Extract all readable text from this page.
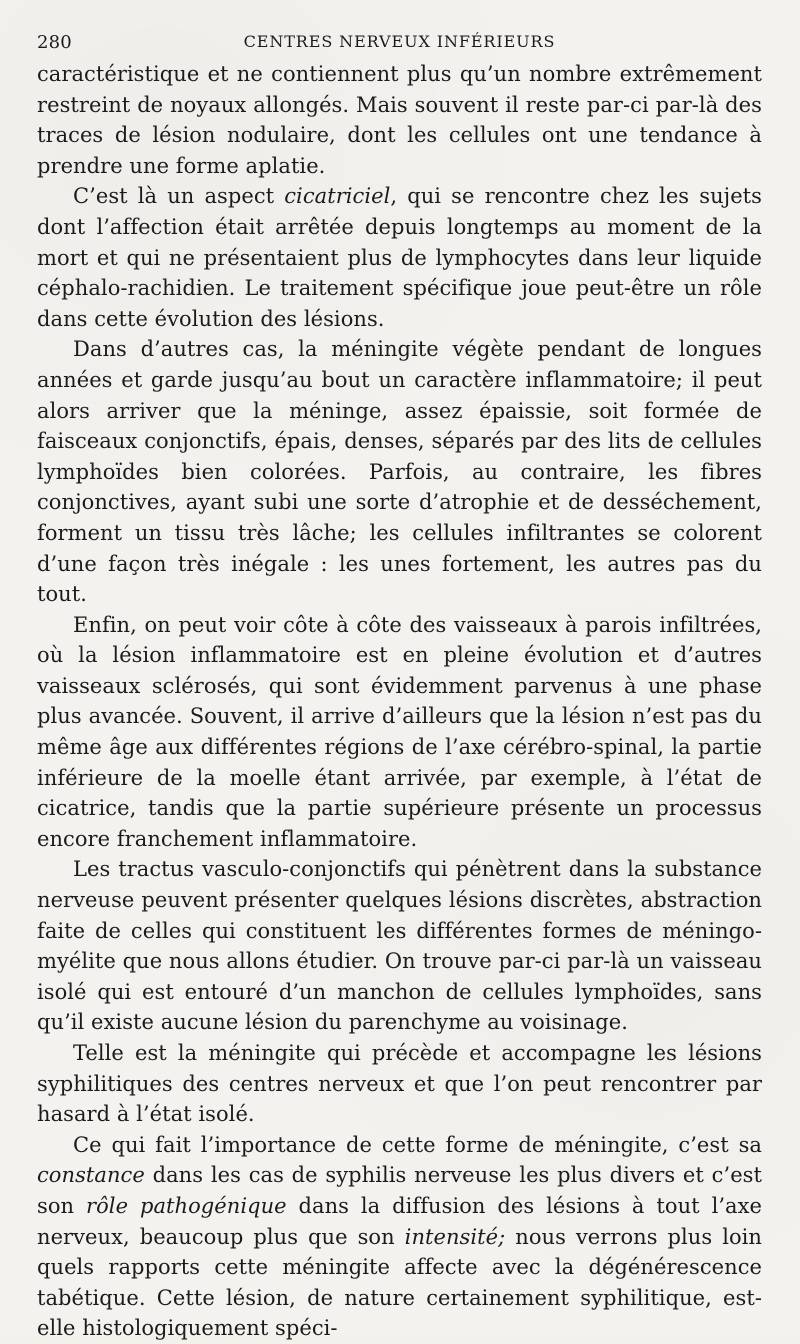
280	CENTRES NERVEUX INFÉRIEURS

caractéristique et ne contiennent plus qu’un nombre extrêmement restreint de noyaux allongés. Mais souvent il reste par-ci par-là des traces de lésion nodulaire, dont les cellules ont une tendance à prendre une forme aplatie.

C’est là un aspect cicatriciel, qui se rencontre chez les sujets dont l’affection était arrêtée depuis longtemps au moment de la mort et qui ne présentaient plus de lymphocytes dans leur liquide céphalo-rachidien. Le traitement spécifique joue peut-être un rôle dans cette évolution des lésions.

Dans d’autres cas, la méningite végète pendant de longues années et garde jusqu’au bout un caractère inflammatoire; il peut alors arriver que la méninge, assez épaissie, soit formée de faisceaux conjonctifs, épais, denses, séparés par des lits de cellules lymphoïdes bien colorées. Parfois, au contraire, les fibres conjonctives, ayant subi une sorte d’atrophie et de desséchement, forment un tissu très lâche; les cellules infiltrantes se colorent d’une façon très inégale : les unes fortement, les autres pas du tout.

Enfin, on peut voir côte à côte des vaisseaux à parois infiltrées, où la lésion inflammatoire est en pleine évolution et d’autres vaisseaux sclérosés, qui sont évidemment parvenus à une phase plus avancée. Souvent, il arrive d’ailleurs que la lésion n’est pas du même âge aux différentes régions de l’axe cérébro-spinal, la partie inférieure de la moelle étant arrivée, par exemple, à l’état de cicatrice, tandis que la partie supérieure présente un processus encore franchement inflammatoire.

Les tractus vasculo-conjonctifs qui pénètrent dans la substance nerveuse peuvent présenter quelques lésions discrètes, abstraction faite de celles qui constituent les différentes formes de méningo-myélite que nous allons étudier. On trouve par-ci par-là un vaisseau isolé qui est entouré d’un manchon de cellules lymphoïdes, sans qu’il existe aucune lésion du parenchyme au voisinage.

Telle est la méningite qui précède et accompagne les lésions syphilitiques des centres nerveux et que l’on peut rencontrer par hasard à l’état isolé.

Ce qui fait l’importance de cette forme de méningite, c’est sa constance dans les cas de syphilis nerveuse les plus divers et c’est son rôle pathogénique dans la diffusion des lésions à tout l’axe nerveux, beaucoup plus que son intensité; nous verrons plus loin quels rapports cette méningite affecte avec la dégénérescence tabétique. Cette lésion, de nature certainement syphilitique, est-elle histologiquement spéci-
